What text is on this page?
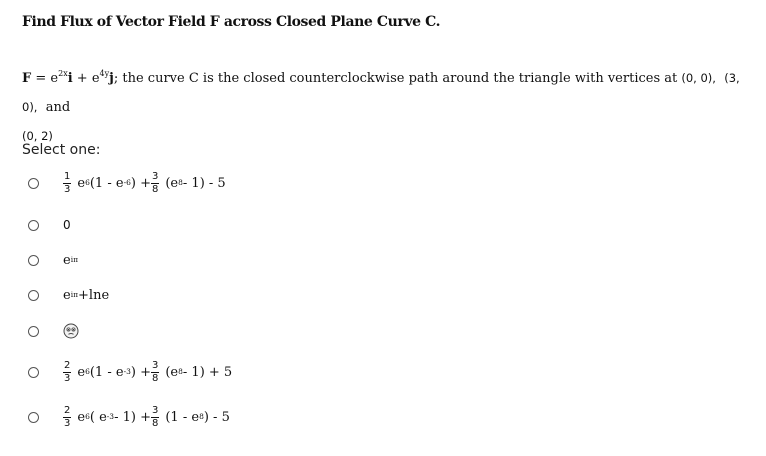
Find Flux of Vector Field F across Closed Plane Curve C.
$F = e^{2x}i + e^{4y}j$; the curve C is the closed counterclockwise path around the triangle with vertices at (0, 0), (3, 0), and
(0, 2)
Select one:
$\frac{1}{3}$ e 6 (1 - e -6 ) + $\frac{3}{8} (e$ 8 - 1) - 5
0
e iπ
e iπ +lne
$\frac{2}{3}$ e 6 (1 - e -3 ) + $\frac{3}{8} (e$ 8 - 1) + 5
$\frac{2}{3}$ e 6 ( e $-3 - 1) + \frac{3}{8} (1 - e$ 8 ) - 5
